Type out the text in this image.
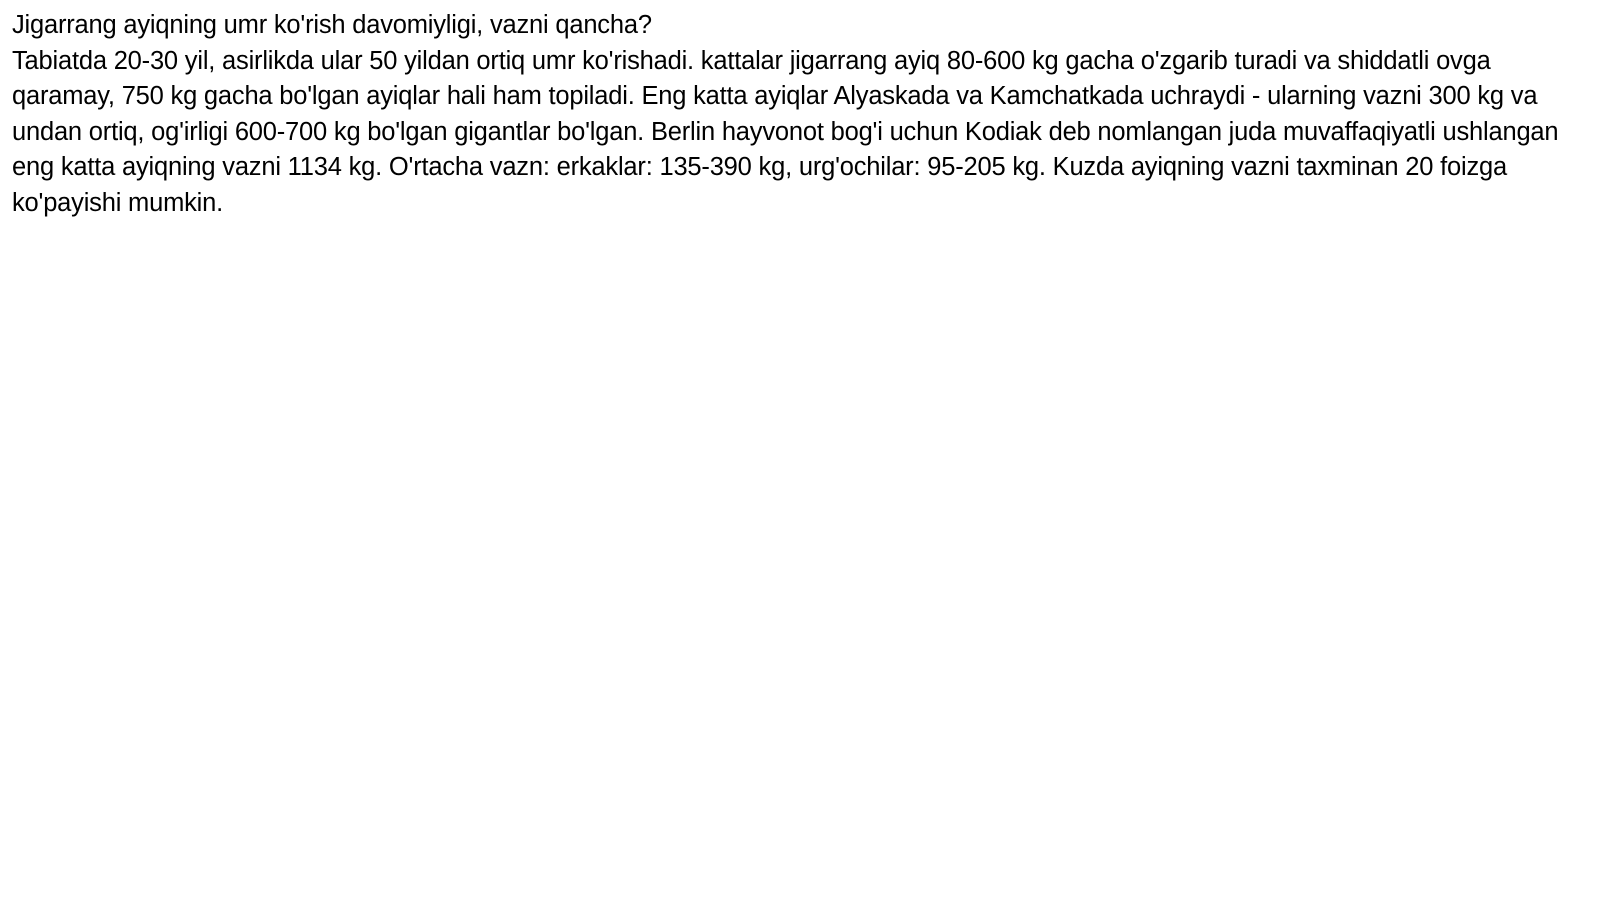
Jigarrang ayiqning umr ko'rish davomiyligi, vazni qancha?

Tabiatda 20-30 yil, asirlikda ular 50 yildan ortiq umr ko'rishadi. kattalar jigarrang ayiq 80-600 kg gacha o'zgarib turadi va shiddatli ovga qaramay, 750 kg gacha bo'lgan ayiqlar hali ham topiladi. Eng katta ayiqlar Alyaskada va Kamchatkada uchraydi - ularning vazni 300 kg va undan ortiq, og'irligi 600-700 kg bo'lgan gigantlar bo'lgan. Berlin hayvonot bog'i uchun Kodiak deb nomlangan juda muvaffaqiyatli ushlangan eng katta ayiqning vazni 1134 kg. O'rtacha vazn: erkaklar: 135-390 kg, urg'ochilar: 95-205 kg. Kuzda ayiqning vazni taxminan 20 foizga ko'payishi mumkin.
